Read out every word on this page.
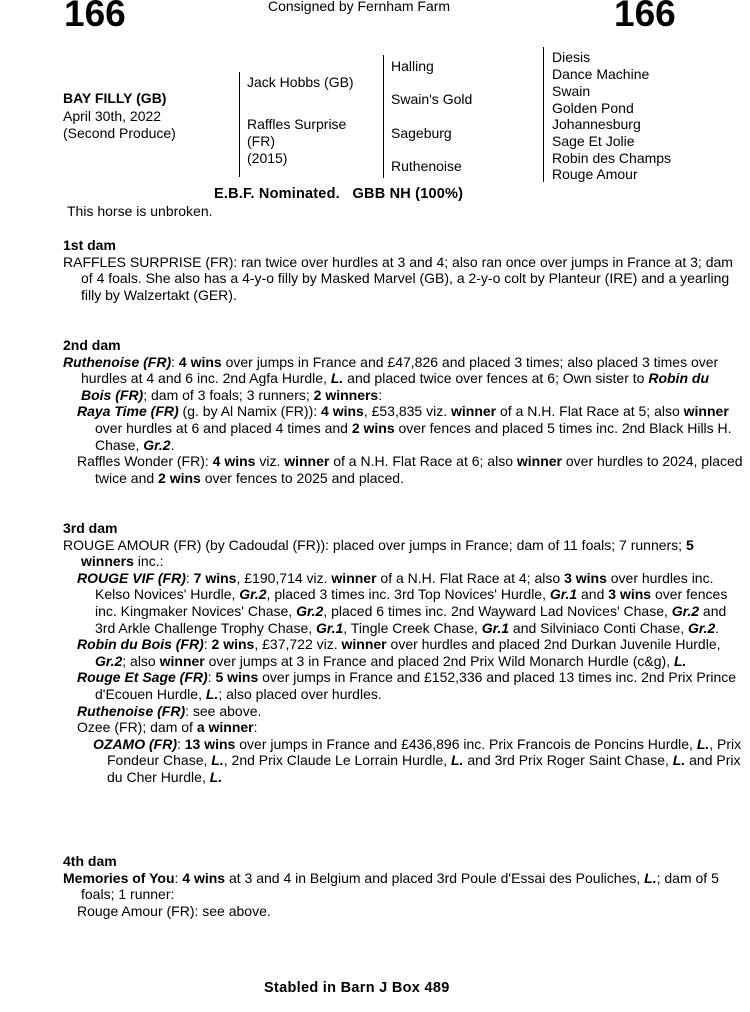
166	Consigned by Fernham Farm	166
BAY FILLY (GB)
April 30th, 2022
(Second Produce)
Jack Hobbs (GB)
Raffles Surprise
(FR)
(2015)
Halling
Swain's Gold
Sageburg
Ruthenoise
Diesis
Dance Machine
Swain
Golden Pond
Johannesburg
Sage Et Jolie
Robin des Champs
Rouge Amour
E.B.F. Nominated.   GBB NH (100%)
This horse is unbroken.
1st dam

RAFFLES SURPRISE (FR): ran twice over hurdles at 3 and 4; also ran once over jumps in France at 3; dam of 4 foals. She also has a 4-y-o filly by Masked Marvel (GB), a 2-y-o colt by Planteur (IRE) and a yearling filly by Walzertakt (GER).

2nd dam

Ruthenoise (FR): 4 wins over jumps in France and £47,826 and placed 3 times; also placed 3 times over hurdles at 4 and 6 inc. 2nd Agfa Hurdle, L. and placed twice over fences at 6; Own sister to Robin du Bois (FR); dam of 3 foals; 3 runners; 2 winners:

Raya Time (FR) (g. by Al Namix (FR)): 4 wins, £53,835 viz. winner of a N.H. Flat Race at 5; also winner over hurdles at 6 and placed 4 times and 2 wins over fences and placed 5 times inc. 2nd Black Hills H. Chase, Gr.2.

Raffles Wonder (FR): 4 wins viz. winner of a N.H. Flat Race at 6; also winner over hurdles to 2024, placed twice and 2 wins over fences to 2025 and placed.

3rd dam

ROUGE AMOUR (FR) (by Cadoudal (FR)): placed over jumps in France; dam of 11 foals; 7 runners; 5 winners inc.:

ROUGE VIF (FR): 7 wins, £190,714 viz. winner of a N.H. Flat Race at 4; also 3 wins over hurdles inc. Kelso Novices' Hurdle, Gr.2, placed 3 times inc. 3rd Top Novices' Hurdle, Gr.1 and 3 wins over fences inc. Kingmaker Novices' Chase, Gr.2, placed 6 times inc. 2nd Wayward Lad Novices' Chase, Gr.2 and 3rd Arkle Challenge Trophy Chase, Gr.1, Tingle Creek Chase, Gr.1 and Silviniaco Conti Chase, Gr.2.

Robin du Bois (FR): 2 wins, £37,722 viz. winner over hurdles and placed 2nd Durkan Juvenile Hurdle, Gr.2; also winner over jumps at 3 in France and placed 2nd Prix Wild Monarch Hurdle (c&g), L.

Rouge Et Sage (FR): 5 wins over jumps in France and £152,336 and placed 13 times inc. 2nd Prix Prince d'Ecouen Hurdle, L.; also placed over hurdles.

Ruthenoise (FR): see above.

Ozee (FR); dam of a winner:

OZAMO (FR): 13 wins over jumps in France and £436,896 inc. Prix Francois de Poncins Hurdle, L., Prix Fondeur Chase, L., 2nd Prix Claude Le Lorrain Hurdle, L. and 3rd Prix Roger Saint Chase, L. and Prix du Cher Hurdle, L.

4th dam

Memories of You: 4 wins at 3 and 4 in Belgium and placed 3rd Poule d'Essai des Pouliches, L.; dam of 5 foals; 1 runner:

Rouge Amour (FR): see above.

Stabled in Barn J Box 489
